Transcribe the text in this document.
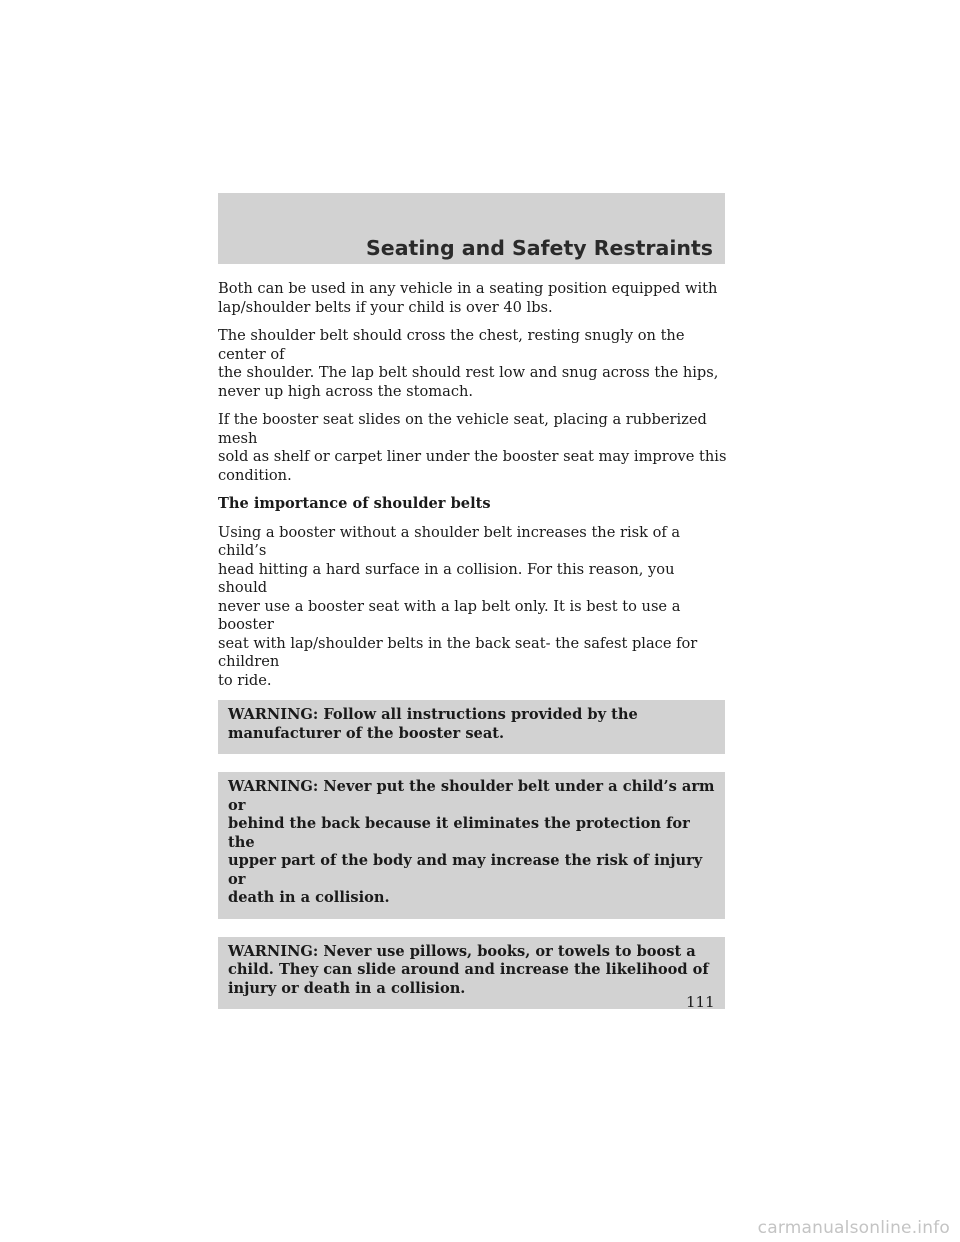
Seating and Safety Restraints

Both can be used in any vehicle in a seating position equipped with
lap/shoulder belts if your child is over 40 lbs.

The shoulder belt should cross the chest, resting snugly on the center of
the shoulder. The lap belt should rest low and snug across the hips,
never up high across the stomach.

If the booster seat slides on the vehicle seat, placing a rubberized mesh
sold as shelf or carpet liner under the booster seat may improve this
condition.

The importance of shoulder belts

Using a booster without a shoulder belt increases the risk of a child’s
head hitting a hard surface in a collision. For this reason, you should
never use a booster seat with a lap belt only. It is best to use a booster
seat with lap/shoulder belts in the back seat- the safest place for children
to ride.

WARNING: Follow all instructions provided by the
manufacturer of the booster seat.
WARNING: Never put the shoulder belt under a child’s arm or
behind the back because it eliminates the protection for the
upper part of the body and may increase the risk of injury or
death in a collision.
WARNING: Never use pillows, books, or towels to boost a
child. They can slide around and increase the likelihood of
injury or death in a collision.
111
carmanualsonline.info
